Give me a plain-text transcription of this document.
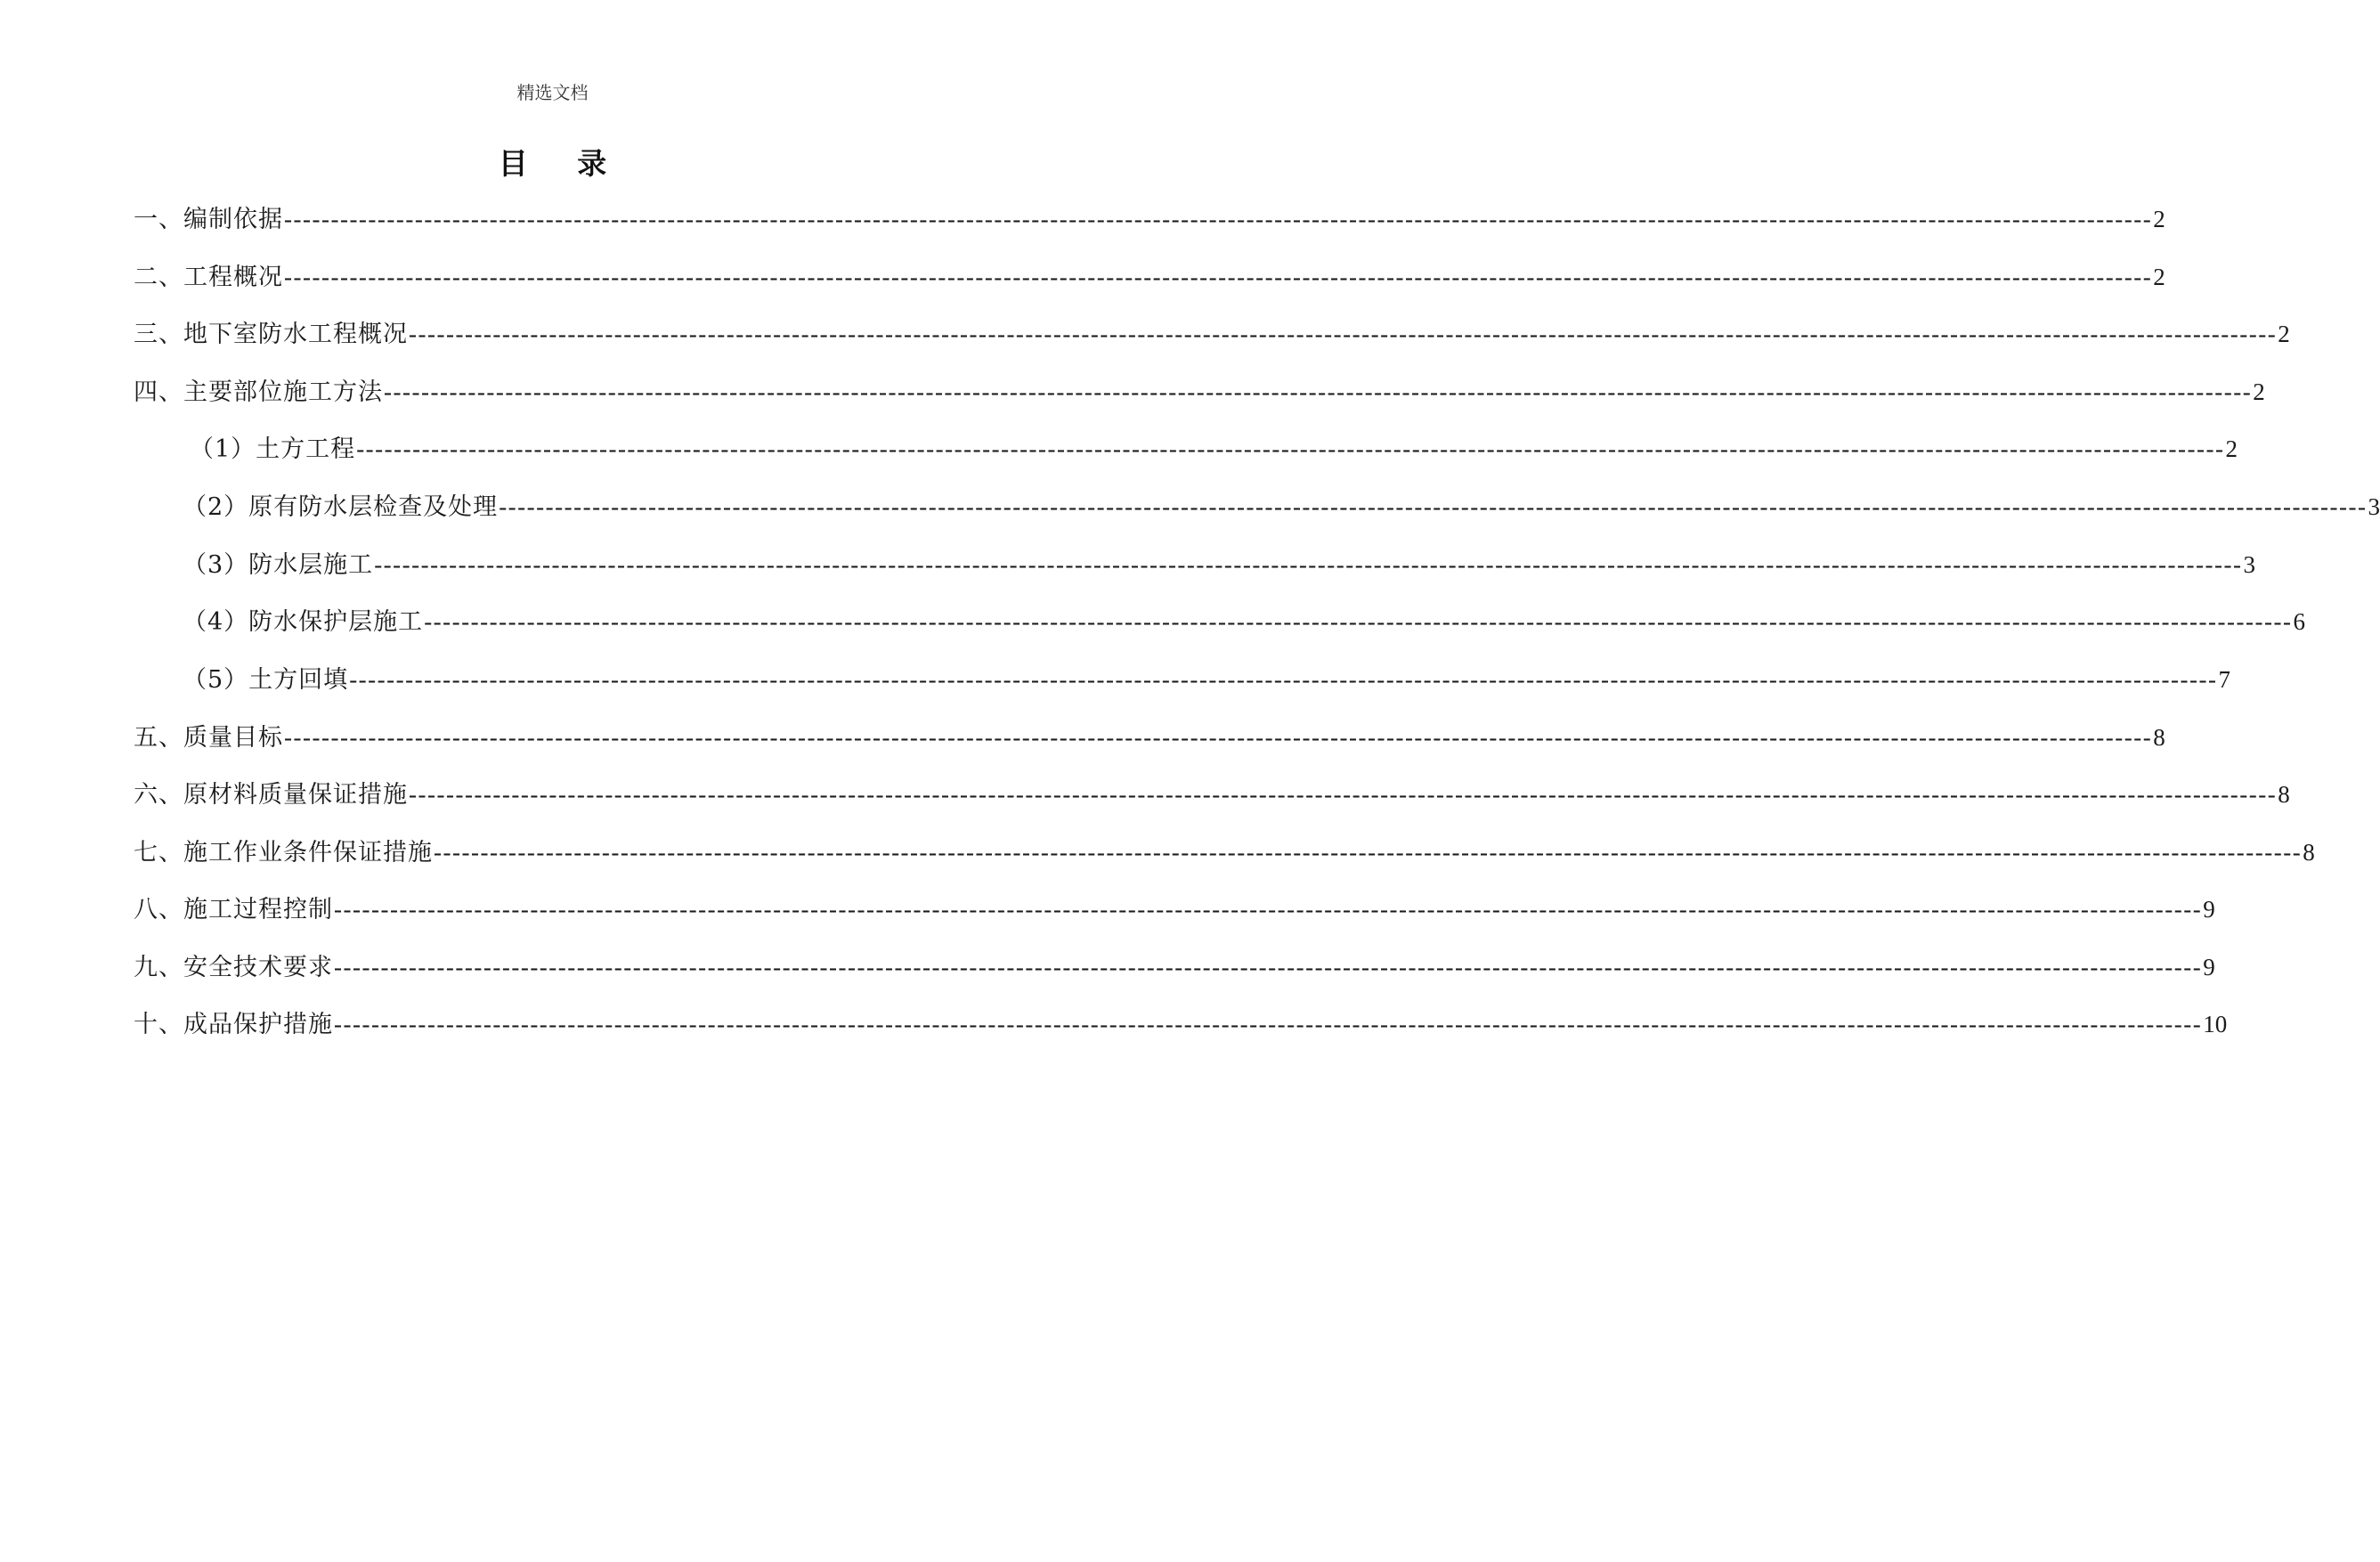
精选文档
目 录
一、编制依据 -------------------------------------------------------------------------------------------------------------------------------------------------------------------------------------------------------- 2
二、工程概况 -------------------------------------------------------------------------------------------------------------------------------------------------------------------------------------------------------- 2
三、地下室防水工程概况 -------------------------------------------------------------------------------------------------------------------------------------------------------------------------------------------------------- 2
四、主要部位施工方法 -------------------------------------------------------------------------------------------------------------------------------------------------------------------------------------------------------- 2
（1）土方工程 -------------------------------------------------------------------------------------------------------------------------------------------------------------------------------------------------------- 2
（2）原有防水层检查及处理 -------------------------------------------------------------------------------------------------------------------------------------------------------------------------------------------------------- 3
（3）防水层施工 -------------------------------------------------------------------------------------------------------------------------------------------------------------------------------------------------------- 3
（4）防水保护层施工 -------------------------------------------------------------------------------------------------------------------------------------------------------------------------------------------------------- 6
（5）土方回填 -------------------------------------------------------------------------------------------------------------------------------------------------------------------------------------------------------- 7
五、质量目标 -------------------------------------------------------------------------------------------------------------------------------------------------------------------------------------------------------- 8
六、原材料质量保证措施 -------------------------------------------------------------------------------------------------------------------------------------------------------------------------------------------------------- 8
七、施工作业条件保证措施 -------------------------------------------------------------------------------------------------------------------------------------------------------------------------------------------------------- 8
八、施工过程控制 -------------------------------------------------------------------------------------------------------------------------------------------------------------------------------------------------------- 9
九、安全技术要求 -------------------------------------------------------------------------------------------------------------------------------------------------------------------------------------------------------- 9
十、成品保护措施 -------------------------------------------------------------------------------------------------------------------------------------------------------------------------------------------------------- 10
